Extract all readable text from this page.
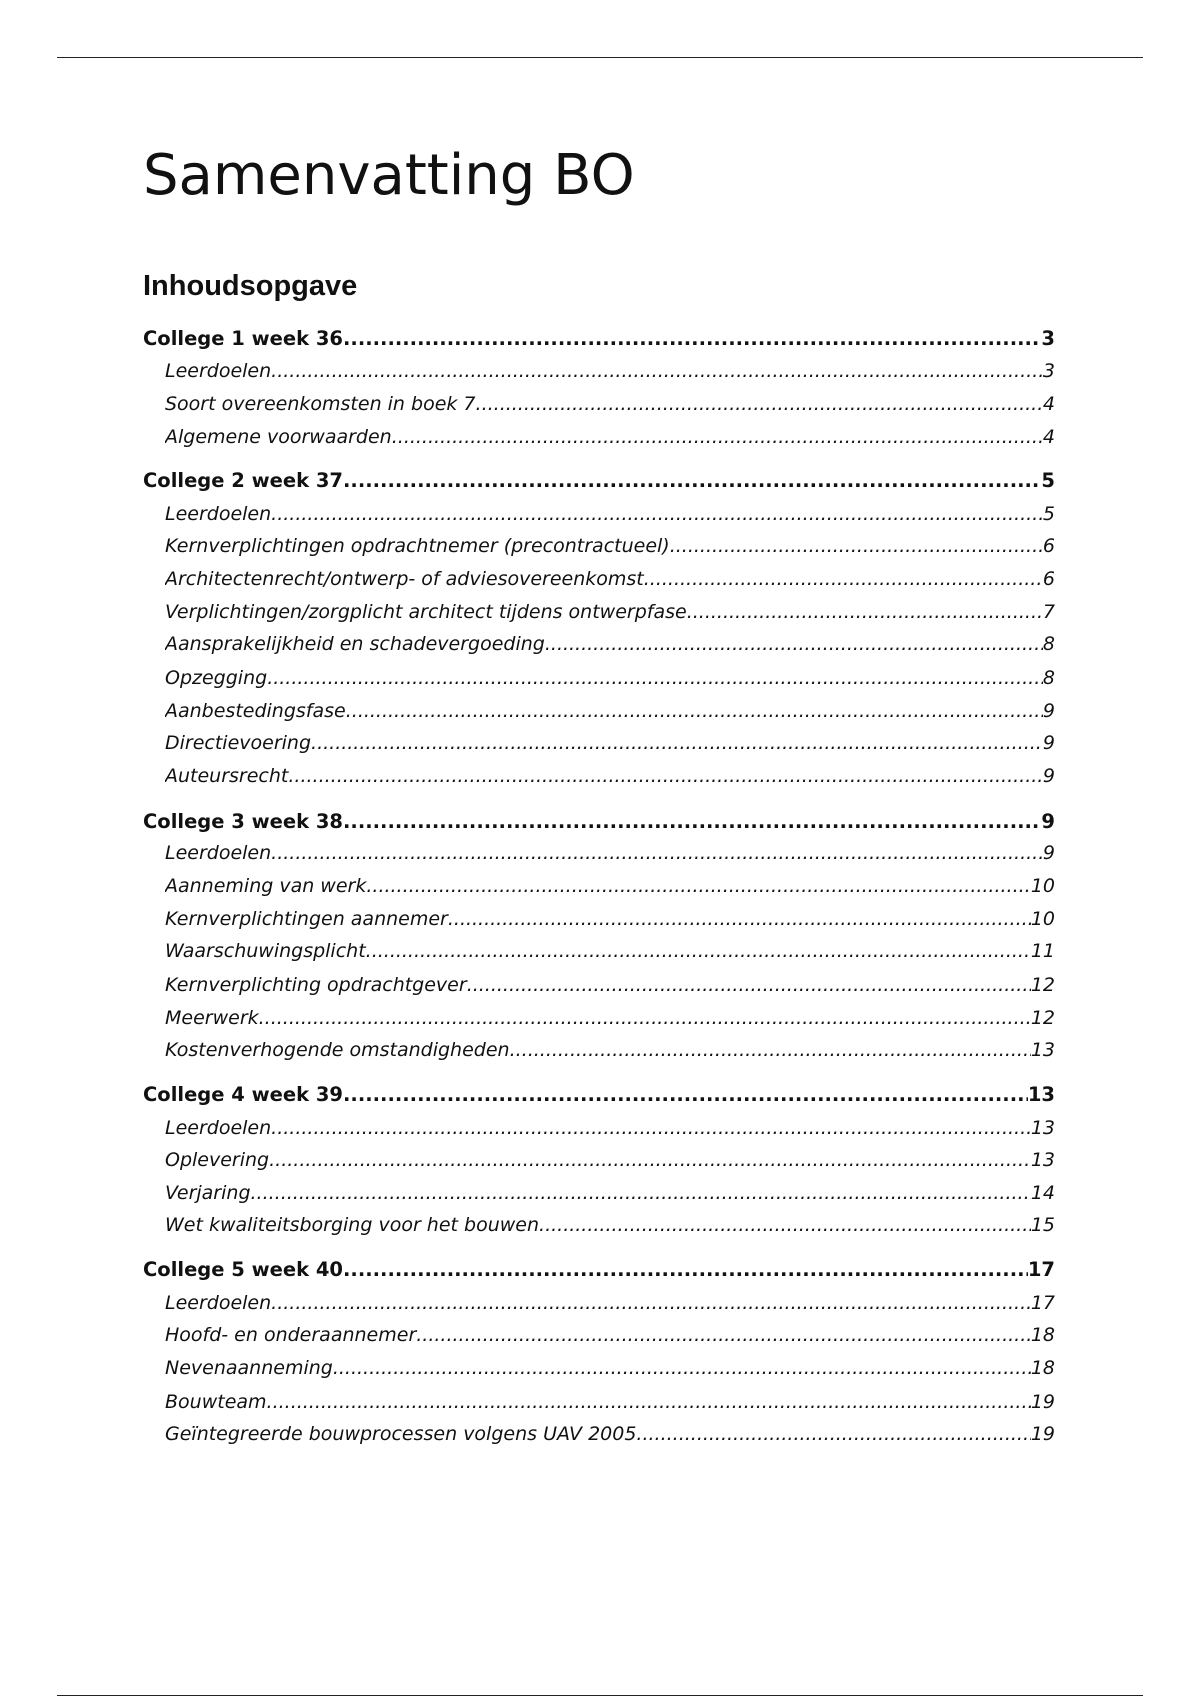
Samenvatting BO
Inhoudsopgave
College 1 week 36 .....	3
Leerdoelen .....	3
Soort overeenkomsten in boek 7 .....	4
Algemene voorwaarden .....	4
College 2 week 37 .....	5
Leerdoelen .....	5
Kernverplichtingen opdrachtnemer (precontractueel) .....	6
Architectenrecht/ontwerp- of adviesovereenkomst .....	6
Verplichtingen/zorgplicht architect tijdens ontwerpfase .....	7
Aansprakelijkheid en schadevergoeding .....	8
Opzegging .....	8
Aanbestedingsfase .....	9
Directievoering .....	9
Auteursrecht .....	9
College 3 week 38 .....	9
Leerdoelen .....	9
Aanneming van werk .....	10
Kernverplichtingen aannemer .....	10
Waarschuwingsplicht .....	11
Kernverplichting opdrachtgever .....	12
Meerwerk .....	12
Kostenverhogende omstandigheden .....	13
College 4 week 39 .....	13
Leerdoelen .....	13
Oplevering .....	13
Verjaring .....	14
Wet kwaliteitsborging voor het bouwen .....	15
College 5 week 40 .....	17
Leerdoelen .....	17
Hoofd- en onderaannemer .....	18
Nevenaanneming .....	18
Bouwteam .....	19
Geïntegreerde bouwprocessen volgens UAV 2005 .....	19
